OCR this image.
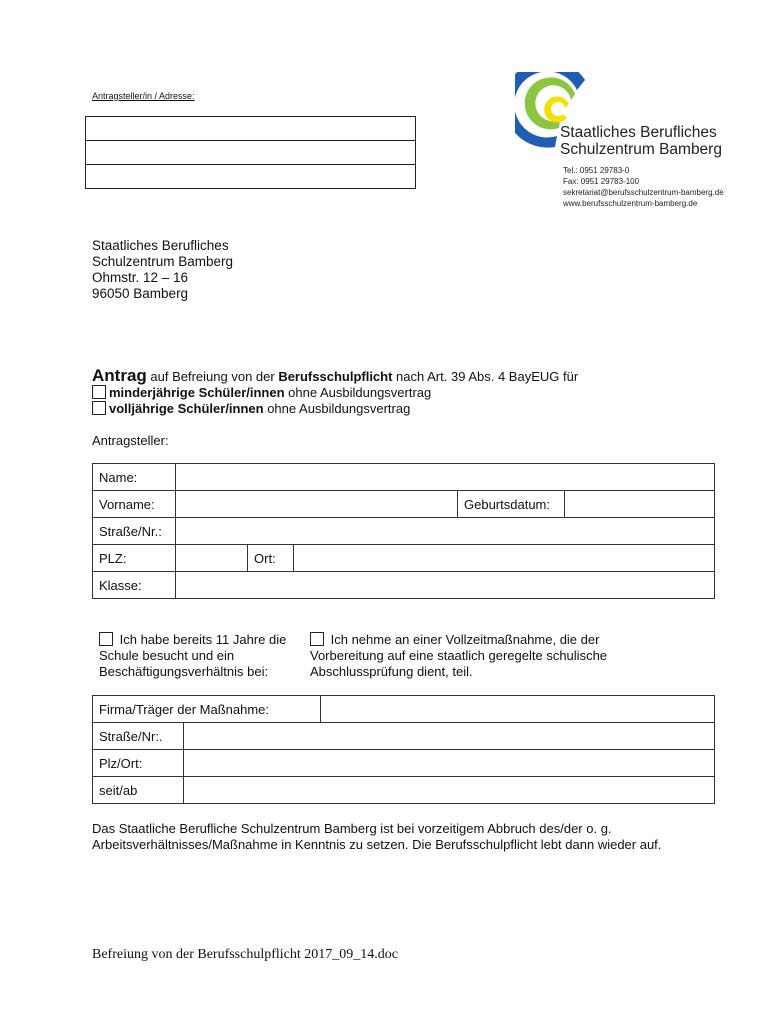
Antragsteller/in / Adresse:
Staatliches Berufliches
Schulzentrum Bamberg
Tel.: 0951 29783-0
Fax: 0951 29783-100
sekretariat@berufsschulzentrum-bamberg.de
www.berufsschulzentrum-bamberg.de
Staatliches Berufliches
Schulzentrum Bamberg
Ohmstr. 12 – 16
96050 Bamberg
Antrag auf Befreiung von der Berufsschulpflicht nach Art. 39 Abs. 4 BayEUG für
minderjährige Schüler/innen ohne Ausbildungsvertrag
volljährige Schüler/innen ohne Ausbildungsvertrag
Antragsteller:
Name:					
Vorname:				Geburtsdatum:	
Straße/Nr.:					
PLZ:		Ort:			
Klasse:					
Ich habe bereits 11 Jahre die Schule besucht und ein Beschäftigungsverhältnis bei:
Ich nehme an einer Vollzeitmaßnahme, die der Vorbereitung auf eine staatlich geregelte schulische Abschlussprüfung dient, teil.
Firma/Träger der Maßnahme:		
Straße/Nr:.		
Plz/Ort:		
seit/ab		
Das Staatliche Berufliche Schulzentrum Bamberg ist bei vorzeitigem Abbruch des/der o. g. Arbeitsverhältnisses/Maßnahme in Kenntnis zu setzen. Die Berufsschulpflicht lebt dann wieder auf.
Befreiung von der Berufsschulpflicht 2017_09_14.doc
